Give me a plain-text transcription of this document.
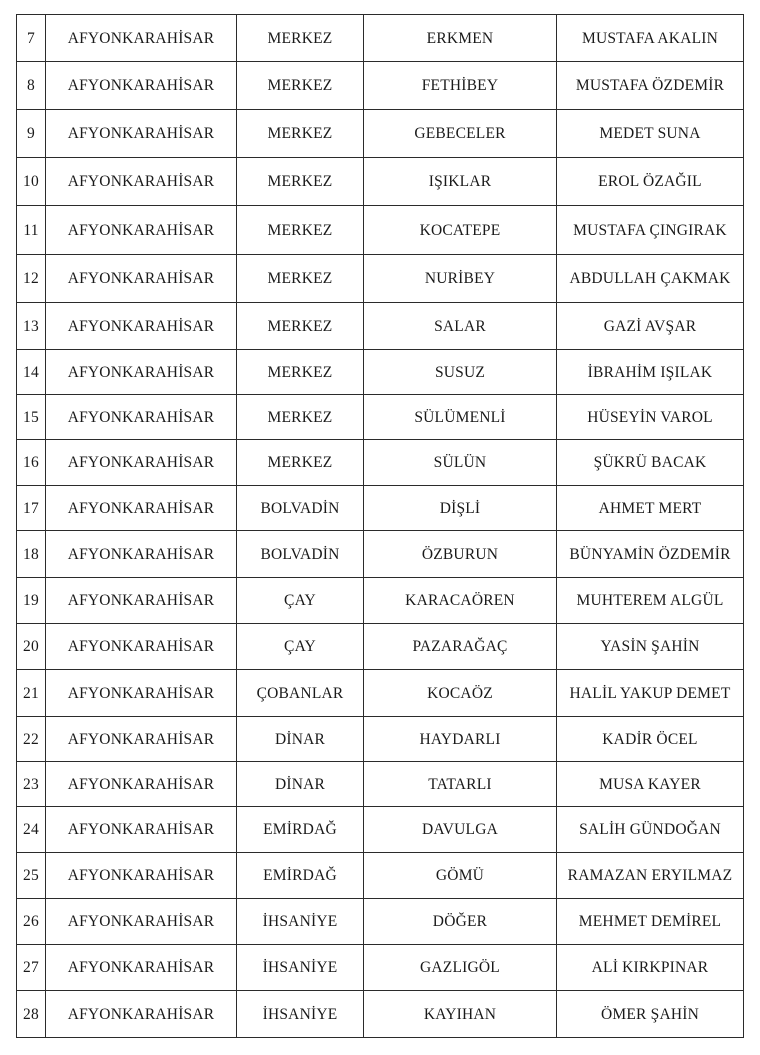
7	AFYONKARAHİSAR	MERKEZ	ERKMEN	MUSTAFA AKALIN
8	AFYONKARAHİSAR	MERKEZ	FETHİBEY	MUSTAFA ÖZDEMİR
9	AFYONKARAHİSAR	MERKEZ	GEBECELER	MEDET SUNA
10	AFYONKARAHİSAR	MERKEZ	IŞIKLAR	EROL ÖZAĞIL
11	AFYONKARAHİSAR	MERKEZ	KOCATEPE	MUSTAFA ÇINGIRAK
12	AFYONKARAHİSAR	MERKEZ	NURİBEY	ABDULLAH ÇAKMAK
13	AFYONKARAHİSAR	MERKEZ	SALAR	GAZİ AVŞAR
14	AFYONKARAHİSAR	MERKEZ	SUSUZ	İBRAHİM IŞILAK
15	AFYONKARAHİSAR	MERKEZ	SÜLÜMENLİ	HÜSEYİN VAROL
16	AFYONKARAHİSAR	MERKEZ	SÜLÜN	ŞÜKRÜ BACAK
17	AFYONKARAHİSAR	BOLVADİN	DİŞLİ	AHMET MERT
18	AFYONKARAHİSAR	BOLVADİN	ÖZBURUN	BÜNYAMİN ÖZDEMİR
19	AFYONKARAHİSAR	ÇAY	KARACAÖREN	MUHTEREM ALGÜL
20	AFYONKARAHİSAR	ÇAY	PAZARAĞAÇ	YASİN ŞAHİN
21	AFYONKARAHİSAR	ÇOBANLAR	KOCAÖZ	HALİL YAKUP DEMET
22	AFYONKARAHİSAR	DİNAR	HAYDARLI	KADİR ÖCEL
23	AFYONKARAHİSAR	DİNAR	TATARLI	MUSA KAYER
24	AFYONKARAHİSAR	EMİRDAĞ	DAVULGA	SALİH GÜNDOĞAN
25	AFYONKARAHİSAR	EMİRDAĞ	GÖMÜ	RAMAZAN ERYILMAZ
26	AFYONKARAHİSAR	İHSANİYE	DÖĞER	MEHMET DEMİREL
27	AFYONKARAHİSAR	İHSANİYE	GAZLIGÖL	ALİ KIRKPINAR
28	AFYONKARAHİSAR	İHSANİYE	KAYIHAN	ÖMER ŞAHİN
